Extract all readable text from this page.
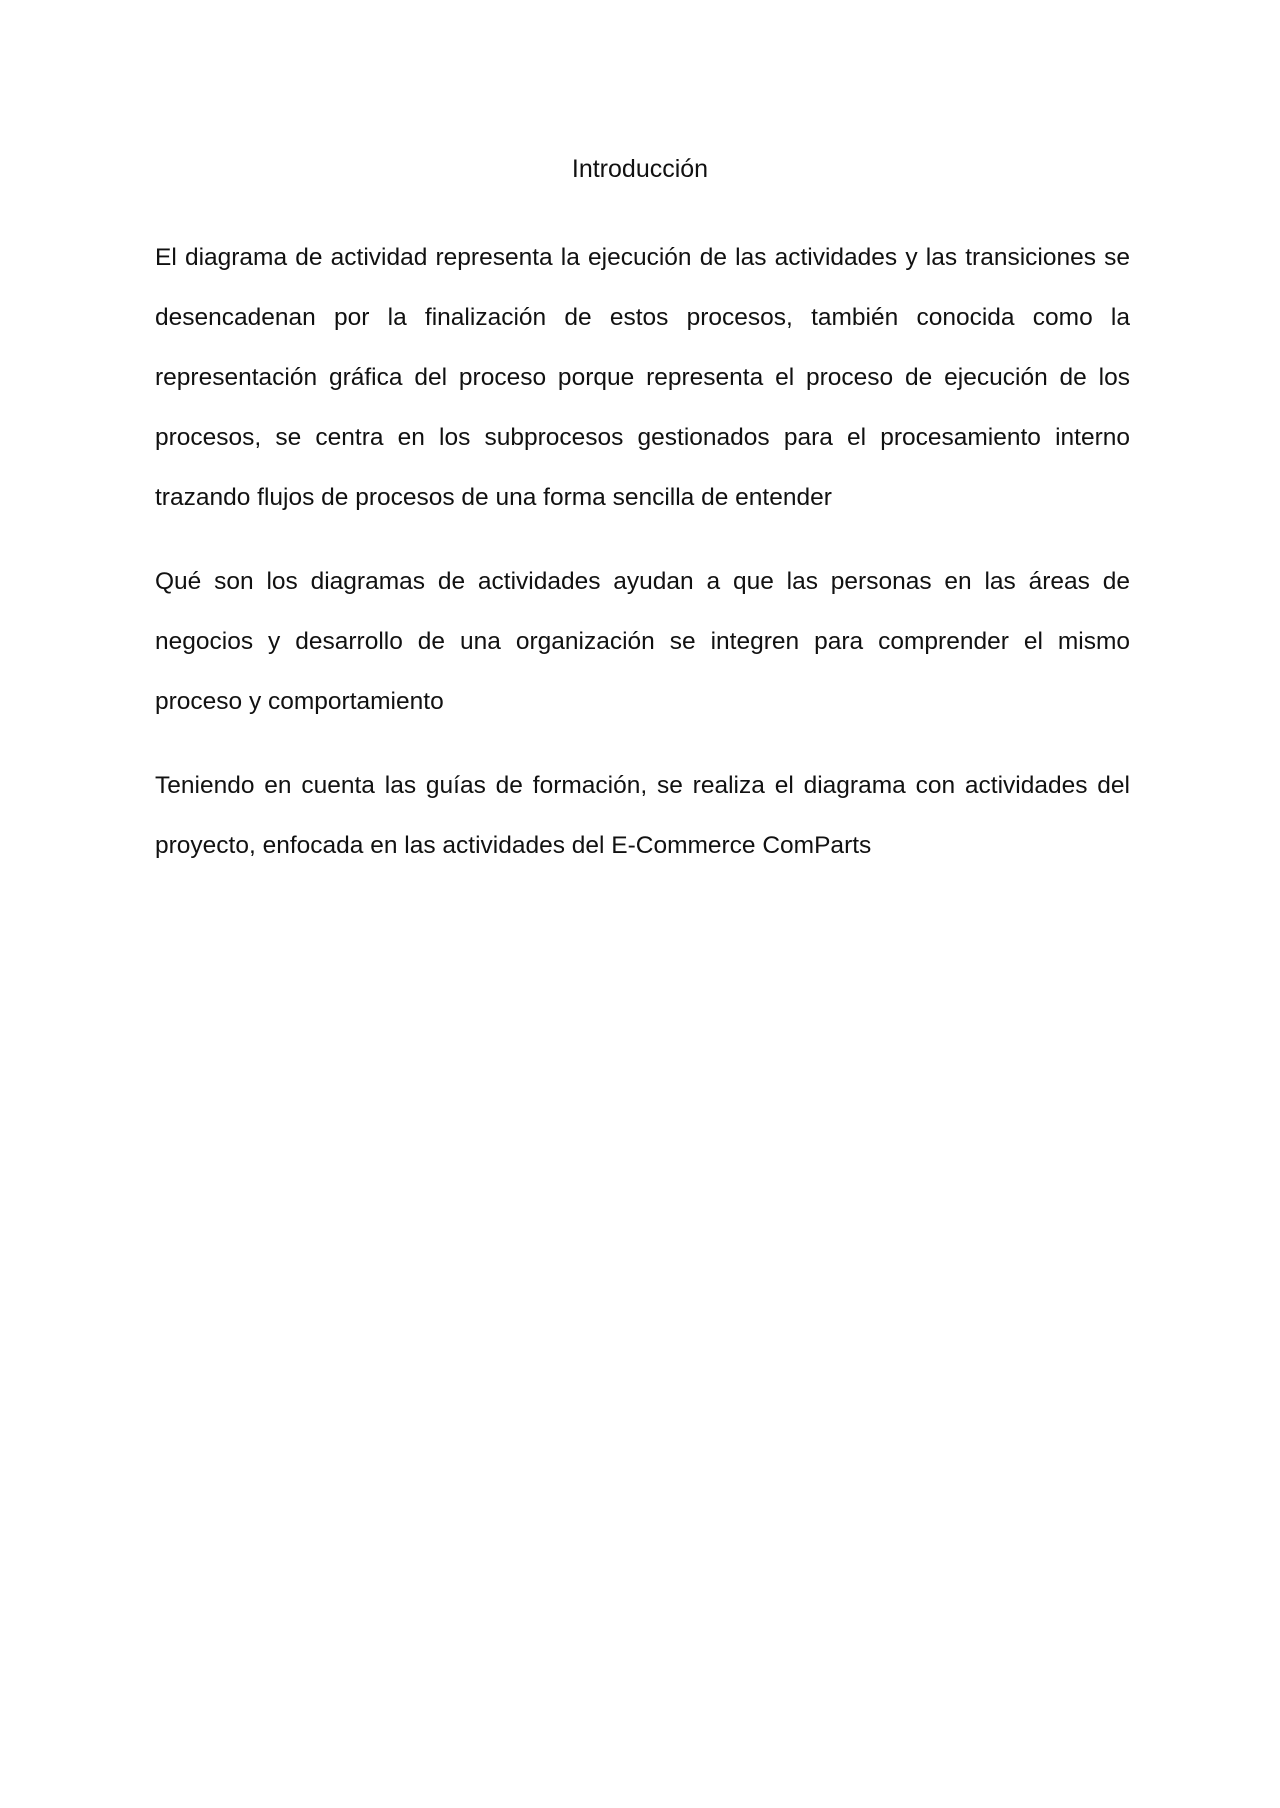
Introducción

El diagrama de actividad representa la ejecución de las actividades y las transiciones se desencadenan por la finalización de estos procesos, también conocida como la representación gráfica del proceso porque representa el proceso de ejecución de los procesos, se centra en los subprocesos gestionados para el procesamiento interno trazando flujos de procesos de una forma sencilla de entender

Qué son los diagramas de actividades ayudan a que las personas en las áreas de negocios y desarrollo de una organización se integren para comprender el mismo proceso y comportamiento

Teniendo en cuenta las guías de formación, se realiza el diagrama con actividades del proyecto, enfocada en las actividades del E-Commerce ComParts
